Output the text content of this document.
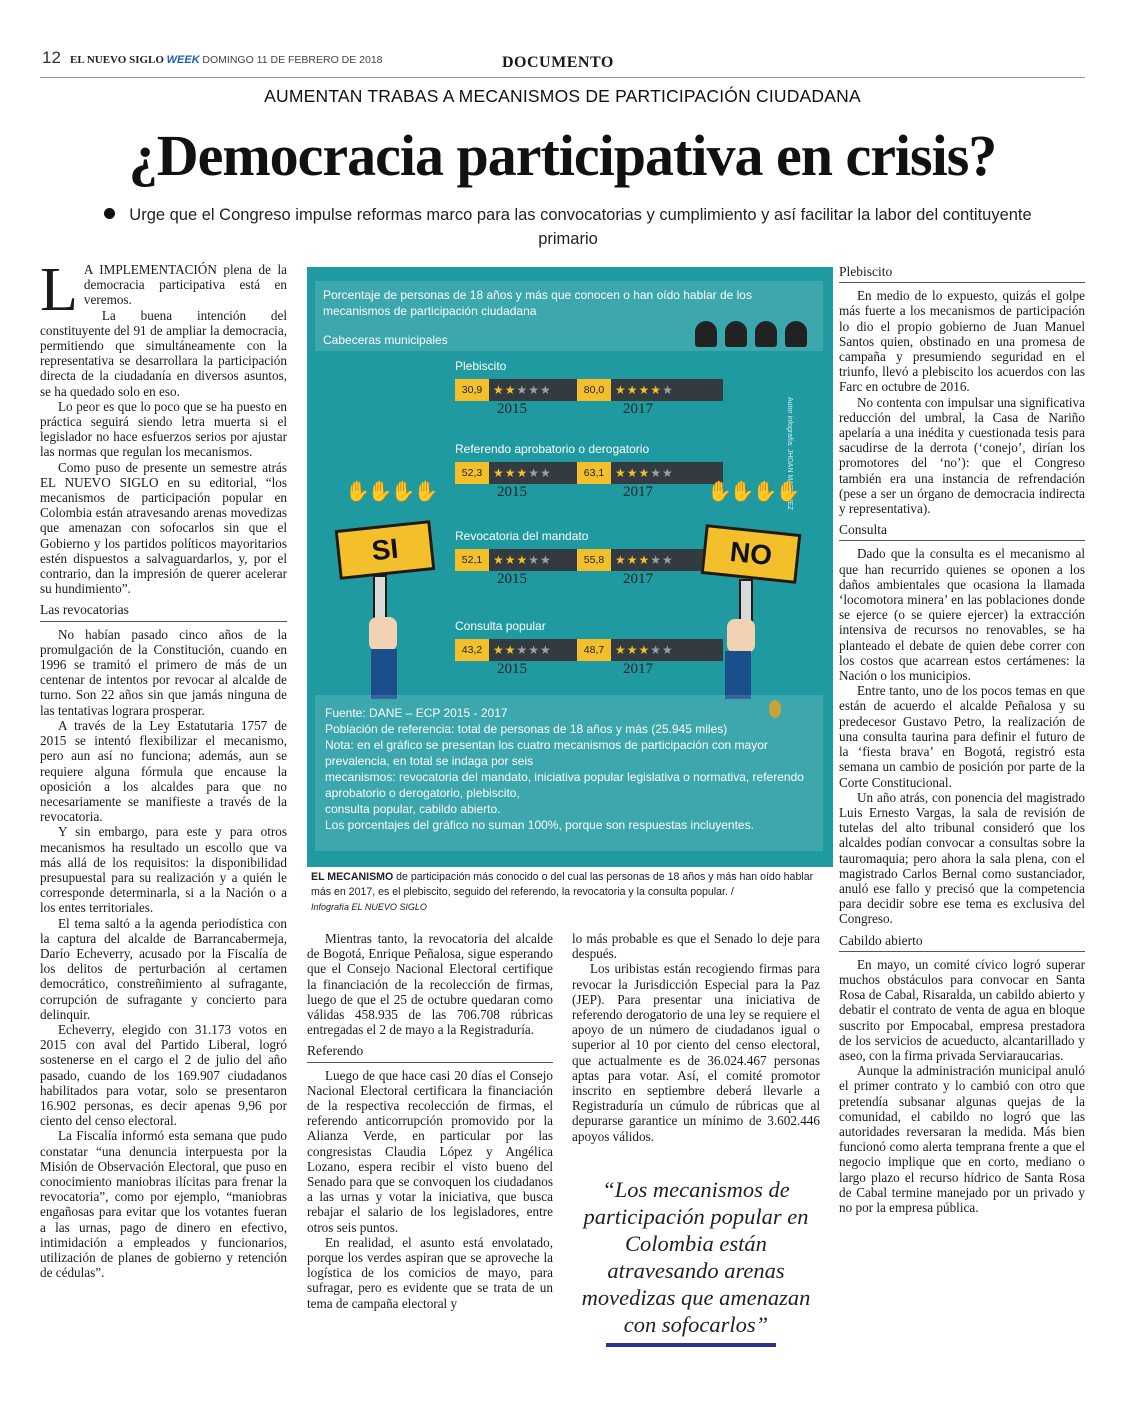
12 EL NUEVO SIGLO WEEK DOMINGO 11 DE FEBRERO DE 2018	DOCUMENTO
AUMENTAN TRABAS A MECANISMOS DE PARTICIPACIÓN CIUDADANA
¿Democracia participativa en crisis?
Urge que el Congreso impulse reformas marco para las convocatorias y cumplimiento y así facilitar la labor del contituyente primario

L A IMPLEMENTACIÓN plena de la democracia participativa está en veremos.

La buena intención del constituyente del 91 de ampliar la democracia, permitiendo que simultáneamente con la representativa se desarrollara la participación directa de la ciudadanía en diversos asuntos, se ha quedado solo en eso.

Lo peor es que lo poco que se ha puesto en práctica seguirá siendo letra muerta si el legislador no hace esfuerzos serios por ajustar las normas que regulan los mecanismos.

Como puso de presente un semestre atrás EL NUEVO SIGLO en su editorial, “los mecanismos de participación popular en Colombia están atravesando arenas movedizas que amenazan con sofocarlos sin que el Gobierno y los partidos políticos mayoritarios estén dispuestos a salvaguardarlos, y, por el contrario, dan la impresión de querer acelerar su hundimiento”.

Las revocatorias

No habían pasado cinco años de la promulgación de la Constitución, cuando en 1996 se tramitó el primero de más de un centenar de intentos por revocar al alcalde de turno. Son 22 años sin que jamás ninguna de las tentativas lograra prosperar.

A través de la Ley Estatutaria 1757 de 2015 se intentó flexibilizar el mecanismo, pero aun así no funciona; además, aun se requiere alguna fórmula que encause la oposición a los alcaldes para que no necesariamente se manifieste a través de la revocatoria.

Y sin embargo, para este y para otros mecanismos ha resultado un escollo que va más allá de los requisitos: la disponibilidad presupuestal para su realización y a quién le corresponde determinarla, si a la Nación o a los entes territoriales.

El tema saltó a la agenda periodística con la captura del alcalde de Barrancabermeja, Darío Echeverry, acusado por la Fiscalía de los delitos de perturbación al certamen democrático, constreñimiento al sufragante, corrupción de sufragante y concierto para delinquir.

Echeverry, elegido con 31.173 votos en 2015 con aval del Partido Liberal, logró sostenerse en el cargo el 2 de julio del año pasado, cuando de los 169.907 ciudadanos habilitados para votar, solo se presentaron 16.902 personas, es decir apenas 9,96 por ciento del censo electoral.

La Fiscalía informó esta semana que pudo constatar “una denuncia interpuesta por la Misión de Observación Electoral, que puso en conocimiento maniobras ilícitas para frenar la revocatoria”, como por ejemplo, “maniobras engañosas para evitar que los votantes fueran a las urnas, pago de dinero en efectivo, intimidación a empleados y funcionarios, utilización de planes de gobierno y retención de cédulas”.

Porcentaje de personas de 18 años y más que conocen o han oído hablar de los mecanismos de participación ciudadana
Cabeceras municipales
Autor infografía: JHOAN MARTÍNEZ
Plebiscito
30,9 ★★★★★
2015
80,0 ★★★★★
2017
Referendo aprobatorio o derogatorio
52,3 ★★★★★
2015
63,1 ★★★★★
2017
Revocatoria del mandato
52,1 ★★★★★
2015
55,8 ★★★★★
2017
Consulta popular
43,2 ★★★★★
2015
48,7 ★★★★★
2017
✋✋✋✋
SI
✋✋✋✋
NO
Fuente: DANE – ECP 2015 - 2017
Población de referencia: total de personas de 18 años y más (25.945 miles)
Nota: en el gráfico se presentan los cuatro mecanismos de participación con mayor prevalencia, en total se indaga por seis
mecanismos: revocatoria del mandato, iniciativa popular legislativa o normativa, referendo aprobatorio o derogatorio, plebiscito,
consulta popular, cabildo abierto.
Los porcentajes del gráfico no suman 100%, porque son respuestas incluyentes.
EL MECANISMO de participación más conocido o del cual las personas de 18 años y más han oído hablar más en 2017, es el plebiscito, seguido del referendo, la revocatoria y la consulta popular. /
Infografía EL NUEVO SIGLO

Mientras tanto, la revocatoria del alcalde de Bogotá, Enrique Peñalosa, sigue esperando que el Consejo Nacional Electoral certifique la financiación de la recolección de firmas, luego de que el 25 de octubre quedaran como válidas 458.935 de las 706.708 rúbricas entregadas el 2 de mayo a la Registraduría.

Referendo

Luego de que hace casi 20 días el Consejo Nacional Electoral certificara la financiación de la respectiva recolección de firmas, el referendo anticorrupción promovido por la Alianza Verde, en particular por las congresistas Claudia López y Angélica Lozano, espera recibir el visto bueno del Senado para que se convoquen los ciudadanos a las urnas y votar la iniciativa, que busca rebajar el salario de los legisladores, entre otros seis puntos.

En realidad, el asunto está envolatado, porque los verdes aspiran que se aproveche la logística de los comicios de mayo, para sufragar, pero es evidente que se trata de un tema de campaña electoral y

lo más probable es que el Senado lo deje para después.

Los uribistas están recogiendo firmas para revocar la Jurisdicción Especial para la Paz (JEP). Para presentar una iniciativa de referendo derogatorio de una ley se requiere el apoyo de un número de ciudadanos igual o superior al 10 por ciento del censo electoral, que actualmente es de 36.024.467 personas aptas para votar. Así, el comité promotor inscrito en septiembre deberá llevarle a Registraduría un cúmulo de rúbricas que al depurarse garantice un mínimo de 3.602.446 apoyos válidos.

“Los mecanismos de participación popular en Colombia están atravesando arenas movedizas que amenazan con sofocarlos”
Plebiscito

En medio de lo expuesto, quizás el golpe más fuerte a los mecanismos de participación lo dio el propio gobierno de Juan Manuel Santos quien, obstinado en una promesa de campaña y presumiendo seguridad en el triunfo, llevó a plebiscito los acuerdos con las Farc en octubre de 2016.

No contenta con impulsar una significativa reducción del umbral, la Casa de Nariño apelaría a una inédita y cuestionada tesis para sacudirse de la derrota (‘conejo’, dirían los promotores del ‘no’): que el Congreso también era una instancia de refrendación (pese a ser un órgano de democracia indirecta y representativa).

Consulta

Dado que la consulta es el mecanismo al que han recurrido quienes se oponen a los daños ambientales que ocasiona la llamada ‘locomotora minera’ en las poblaciones donde se ejerce (o se quiere ejercer) la extracción intensiva de recursos no renovables, se ha planteado el debate de quien debe correr con los costos que acarrean estos certámenes: la Nación o los municipios.

Entre tanto, uno de los pocos temas en que están de acuerdo el alcalde Peñalosa y su predecesor Gustavo Petro, la realización de una consulta taurina para definir el futuro de la ‘fiesta brava’ en Bogotá, registró esta semana un cambio de posición por parte de la Corte Constitucional.

Un año atrás, con ponencia del magistrado Luis Ernesto Vargas, la sala de revisión de tutelas del alto tribunal consideró que los alcaldes podían convocar a consultas sobre la tauromaquia; pero ahora la sala plena, con el magistrado Carlos Bernal como sustanciador, anuló ese fallo y precisó que la competencia para decidir sobre ese tema es exclusiva del Congreso.

Cabildo abierto

En mayo, un comité cívico logró superar muchos obstáculos para convocar en Santa Rosa de Cabal, Risaralda, un cabildo abierto y debatir el contrato de venta de agua en bloque suscrito por Empocabal, empresa prestadora de los servicios de acueducto, alcantarillado y aseo, con la firma privada Serviaraucarias.

Aunque la administración municipal anuló el primer contrato y lo cambió con otro que pretendía subsanar algunas quejas de la comunidad, el cabildo no logró que las autoridades reversaran la medida. Más bien funcionó como alerta temprana frente a que el negocio implique que en corto, mediano o largo plazo el recurso hídrico de Santa Rosa de Cabal termine manejado por un privado y no por la empresa pública.
